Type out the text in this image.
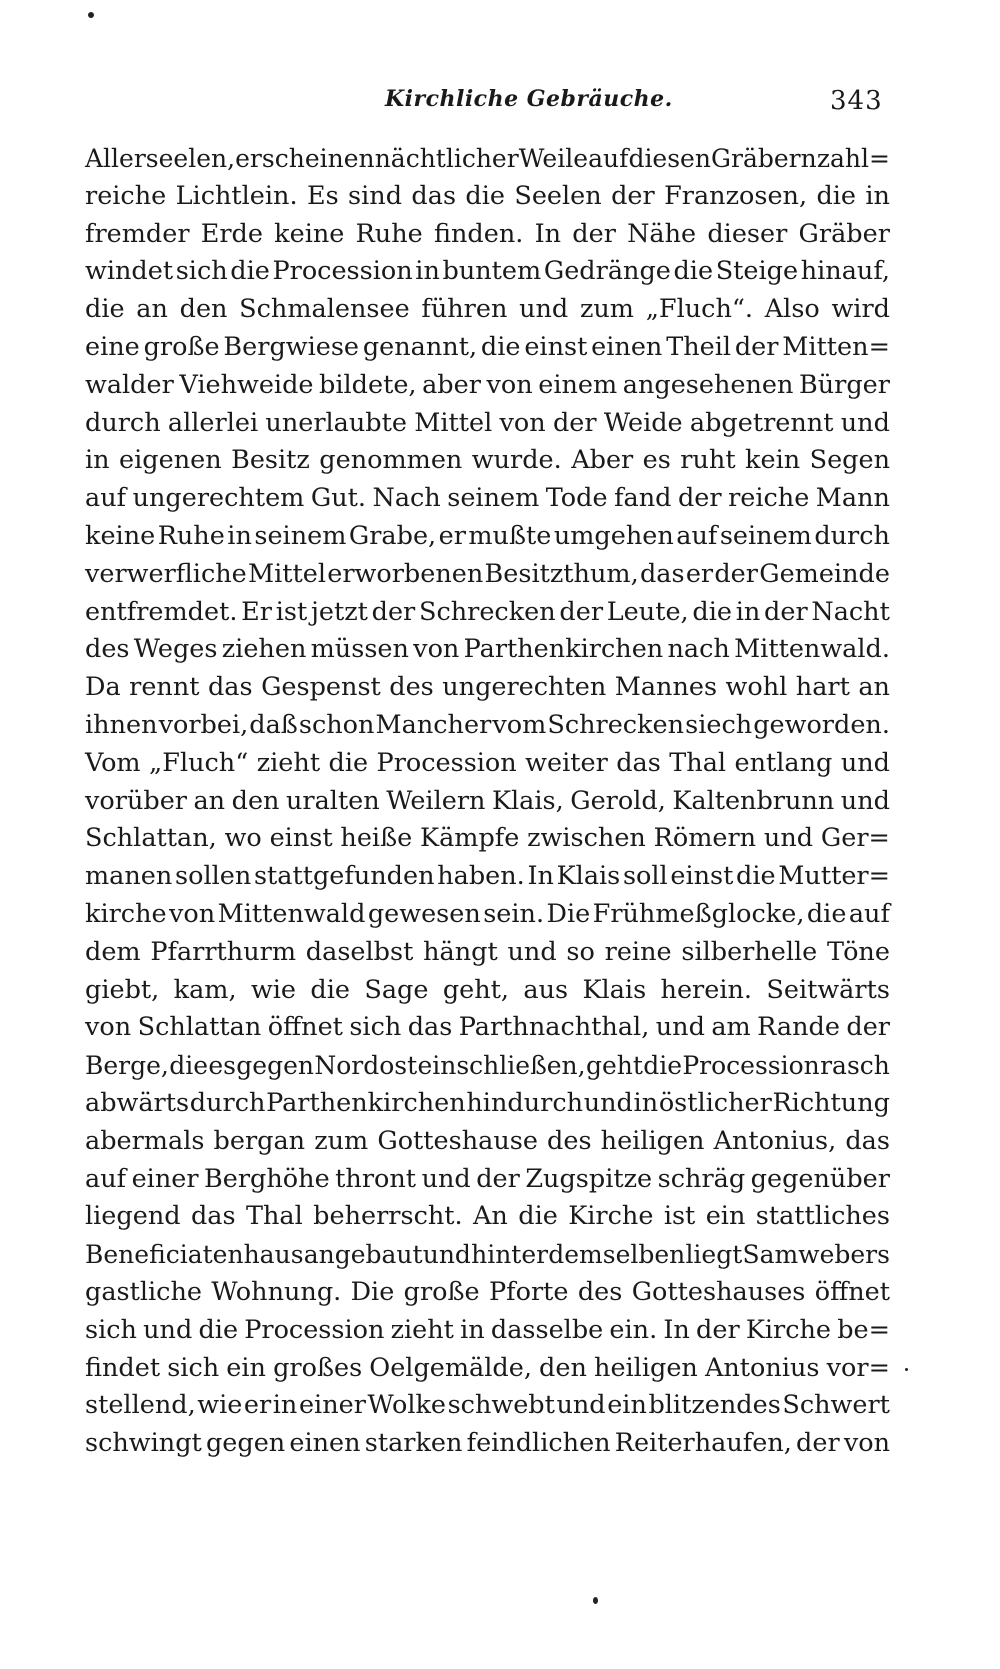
Kirchliche Gebräuche.	343
Allerseelen, erscheinen nächtlicher Weile auf diesen Gräbern zahl=
reiche Lichtlein. Es sind das die Seelen der Franzosen, die in
fremder Erde keine Ruhe finden. In der Nähe dieser Gräber
windet sich die Procession in buntem Gedränge die Steige hinauf,
die an den Schmalensee führen und zum „Fluch“. Also wird
eine große Bergwiese genannt, die einst einen Theil der Mitten=
walder Viehweide bildete, aber von einem angesehenen Bürger
durch allerlei unerlaubte Mittel von der Weide abgetrennt und
in eigenen Besitz genommen wurde. Aber es ruht kein Segen
auf ungerechtem Gut. Nach seinem Tode fand der reiche Mann
keine Ruhe in seinem Grabe, er mußte umgehen auf seinem durch
verwerfliche Mittel erworbenen Besitzthum, das er der Gemeinde
entfremdet. Er ist jetzt der Schrecken der Leute, die in der Nacht
des Weges ziehen müssen von Parthenkirchen nach Mittenwald.
Da rennt das Gespenst des ungerechten Mannes wohl hart an
ihnen vorbei, daß schon Mancher vom Schrecken siech geworden.
Vom „Fluch“ zieht die Procession weiter das Thal entlang und
vorüber an den uralten Weilern Klais, Gerold, Kaltenbrunn und
Schlattan, wo einst heiße Kämpfe zwischen Römern und Ger=
manen sollen stattgefunden haben. In Klais soll einst die Mutter=
kirche von Mittenwald gewesen sein. Die Frühmeßglocke, die auf
dem Pfarrthurm daselbst hängt und so reine silberhelle Töne
giebt, kam, wie die Sage geht, aus Klais herein. Seitwärts
von Schlattan öffnet sich das Parthnachthal, und am Rande der
Berge, die es gegen Nordost einschließen, geht die Procession rasch
abwärts durch Parthenkirchen hindurch und in östlicher Richtung
abermals bergan zum Gotteshause des heiligen Antonius, das
auf einer Berghöhe thront und der Zugspitze schräg gegenüber
liegend das Thal beherrscht. An die Kirche ist ein stattliches
Beneficiatenhaus angebaut und hinter demselben liegt Samwebers
gastliche Wohnung. Die große Pforte des Gotteshauses öffnet
sich und die Procession zieht in dasselbe ein. In der Kirche be=
findet sich ein großes Oelgemälde, den heiligen Antonius vor=
stellend, wie er in einer Wolke schwebt und ein blitzendes Schwert
schwingt gegen einen starken feindlichen Reiterhaufen, der von
